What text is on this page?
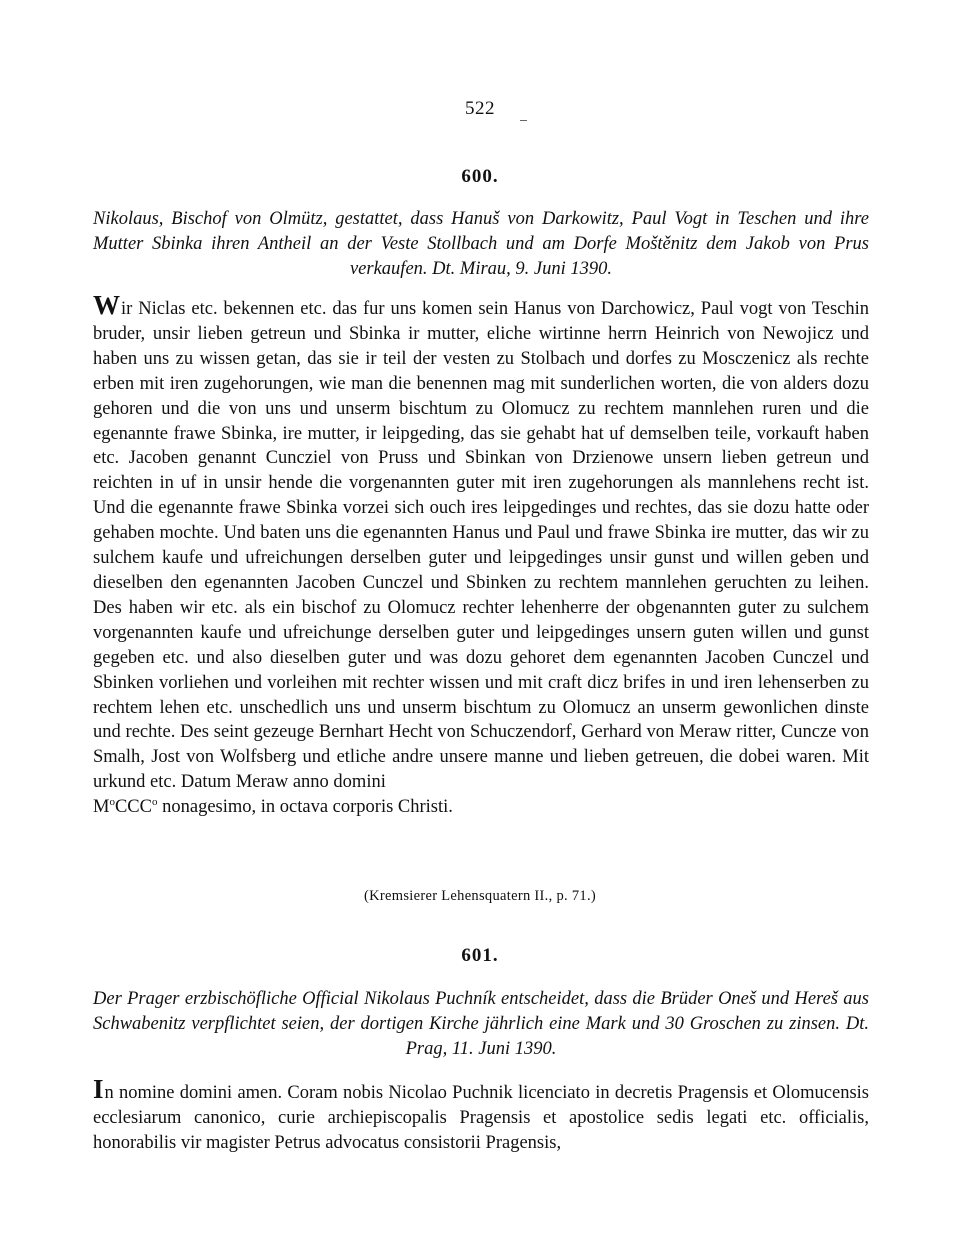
522
600.
Nikolaus, Bischof von Olmütz, gestattet, dass Hanuš von Darkowitz, Paul Vogt in Teschen und ihre Mutter Sbinka ihren Antheil an der Veste Stollbach und am Dorfe Moštěnitz dem Jakob von Prus verkaufen. Dt. Mirau, 9. Juni 1390.
Wir Niclas etc. bekennen etc. das fur uns komen sein Hanus von Darchowicz, Paul vogt von Teschin bruder, unsir lieben getreun und Sbinka ir mutter, eliche wirtinne herrn Heinrich von Newojicz und haben uns zu wissen getan, das sie ir teil der vesten zu Stolbach und dorfes zu Mosczenicz als rechte erben mit iren zugehorungen, wie man die benennen mag mit sunderlichen worten, die von alders dozu gehoren und die von uns und unserm bischtum zu Olomucz zu rechtem mannlehen ruren und die egenannte frawe Sbinka, ire mutter, ir leipgeding, das sie gehabt hat uf demselben teile, vorkauft haben etc. Jacoben genannt Cuncziel von Pruss und Sbinkan von Drzienowe unsern lieben getreun und reichten in uf in unsir hende die vorgenannten guter mit iren zugehorungen als mannlehens recht ist. Und die egenannte frawe Sbinka vorzei sich ouch ires leipgedinges und rechtes, das sie dozu hatte oder gehaben mochte. Und baten uns die egenannten Hanus und Paul und frawe Sbinka ire mutter, das wir zu sulchem kaufe und ufreichungen derselben guter und leipgedinges unsir gunst und willen geben und dieselben den egenannten Jacoben Cunczel und Sbinken zu rechtem mannlehen geruchten zu leihen. Des haben wir etc. als ein bischof zu Olomucz rechter lehenherre der obgenannten guter zu sulchem vorgenannten kaufe und ufreichunge derselben guter und leipgedinges unsern guten willen und gunst gegeben etc. und also dieselben guter und was dozu gehoret dem egenannten Jacoben Cunczel und Sbinken vorliehen und vorleihen mit rechter wissen und mit craft dicz brifes in und iren lehenserben zu rechtem lehen etc. unschedlich uns und unserm bischtum zu Olomucz an unserm gewonlichen dinste und rechte. Des seint gezeuge Bernhart Hecht von Schuczendorf, Gerhard von Meraw ritter, Cuncze von Smalh, Jost von Wolfsberg und etliche andre unsere manne und lieben getreuen, die dobei waren. Mit urkund etc. Datum Meraw anno domini
$M^oCCC^o$ nonagesimo, in octava corporis Christi.
(Kremsierer Lehensquatern II., p. 71.)
601.
Der Prager erzbischöfliche Official Nikolaus Puchník entscheidet, dass die Brüder Oneš und Hereš aus Schwabenitz verpflichtet seien, der dortigen Kirche jährlich eine Mark und 30 Groschen zu zinsen. Dt. Prag, 11. Juni 1390.
In nomine domini amen. Coram nobis Nicolao Puchnik licenciato in decretis Pragensis et Olomucensis ecclesiarum canonico, curie archiepiscopalis Pragensis et apostolice sedis legati etc. officialis, honorabilis vir magister Petrus advocatus consistorii Pragensis,
